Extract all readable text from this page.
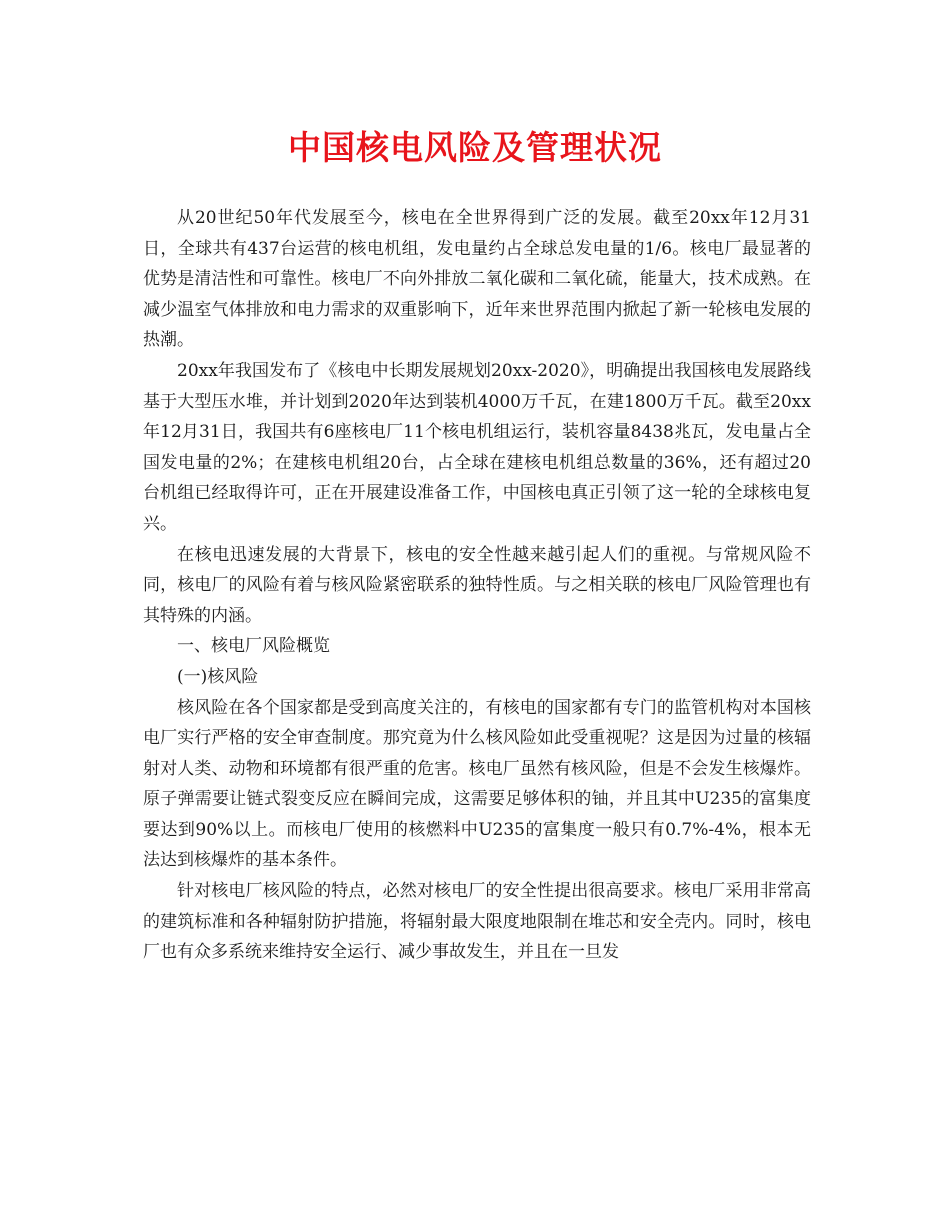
中国核电风险及管理状况

从20世纪50年代发展至今，核电在全世界得到广泛的发展。截至20xx年12月31日，全球共有437台运营的核电机组，发电量约占全球总发电量的1/6。核电厂最显著的优势是清洁性和可靠性。核电厂不向外排放二氧化碳和二氧化硫，能量大，技术成熟。在减少温室气体排放和电力需求的双重影响下，近年来世界范围内掀起了新一轮核电发展的热潮。

20xx年我国发布了《核电中长期发展规划20xx-2020》，明确提出我国核电发展路线基于大型压水堆，并计划到2020年达到装机4000万千瓦，在建1800万千瓦。截至20xx年12月31日，我国共有6座核电厂11个核电机组运行，装机容量8438兆瓦，发电量占全国发电量的2%；在建核电机组20台，占全球在建核电机组总数量的36%，还有超过20台机组已经取得许可，正在开展建设准备工作，中国核电真正引领了这一轮的全球核电复兴。

在核电迅速发展的大背景下，核电的安全性越来越引起人们的重视。与常规风险不同，核电厂的风险有着与核风险紧密联系的独特性质。与之相关联的核电厂风险管理也有其特殊的内涵。

一、核电厂风险概览

(一)核风险

核风险在各个国家都是受到高度关注的，有核电的国家都有专门的监管机构对本国核电厂实行严格的安全审查制度。那究竟为什么核风险如此受重视呢？这是因为过量的核辐射对人类、动物和环境都有很严重的危害。核电厂虽然有核风险，但是不会发生核爆炸。原子弹需要让链式裂变反应在瞬间完成，这需要足够体积的铀，并且其中U235的富集度要达到90%以上。而核电厂使用的核燃料中U235的富集度一般只有0.7%-4%，根本无法达到核爆炸的基本条件。

针对核电厂核风险的特点，必然对核电厂的安全性提出很高要求。核电厂采用非常高的建筑标准和各种辐射防护措施，将辐射最大限度地限制在堆芯和安全壳内。同时，核电厂也有众多系统来维持安全运行、减少事故发生，并且在一旦发
